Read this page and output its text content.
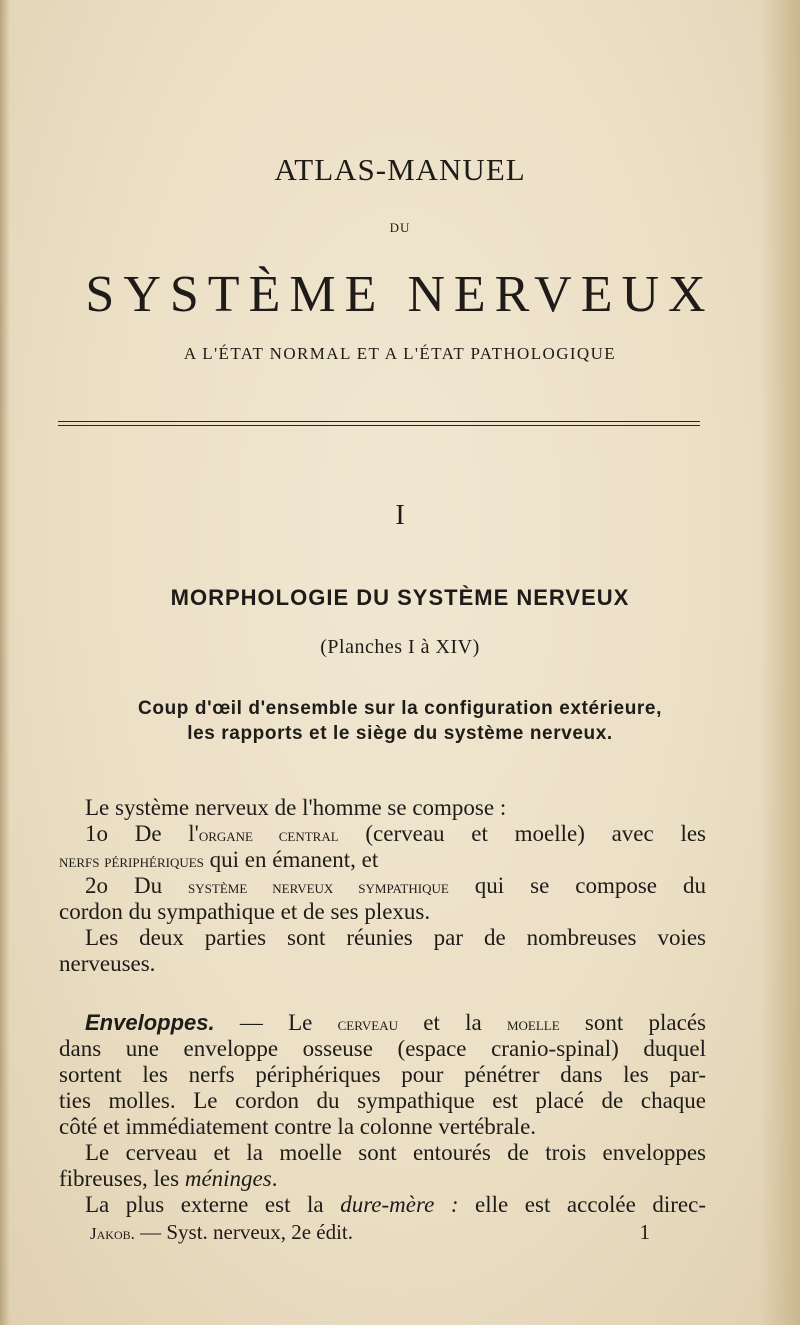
ATLAS-MANUEL
DU
SYSTÈME NERVEUX
A L'ÉTAT NORMAL ET A L'ÉTAT PATHOLOGIQUE
I
MORPHOLOGIE DU SYSTÈME NERVEUX
(Planches I à XIV)
Coup d'œil d'ensemble sur la configuration extérieure,
les rapports et le siège du système nerveux.
Le système nerveux de l'homme se compose :
1o De l'organe central (cerveau et moelle) avec les
nerfs périphériques qui en émanent, et
2o Du système nerveux sympathique qui se compose du
cordon du sympathique et de ses plexus.
Les deux parties sont réunies par de nombreuses voies
nerveuses.
Enveloppes. — Le cerveau et la moelle sont placés
dans une enveloppe osseuse (espace cranio-spinal) duquel
sortent les nerfs périphériques pour pénétrer dans les par-
ties molles. Le cordon du sympathique est placé de chaque
côté et immédiatement contre la colonne vertébrale.
Le cerveau et la moelle sont entourés de trois enveloppes
fibreuses, les méninges.
La plus externe est la dure-mère : elle est accolée direc-
Jakob. — Syst. nerveux, 2e édit.	1
